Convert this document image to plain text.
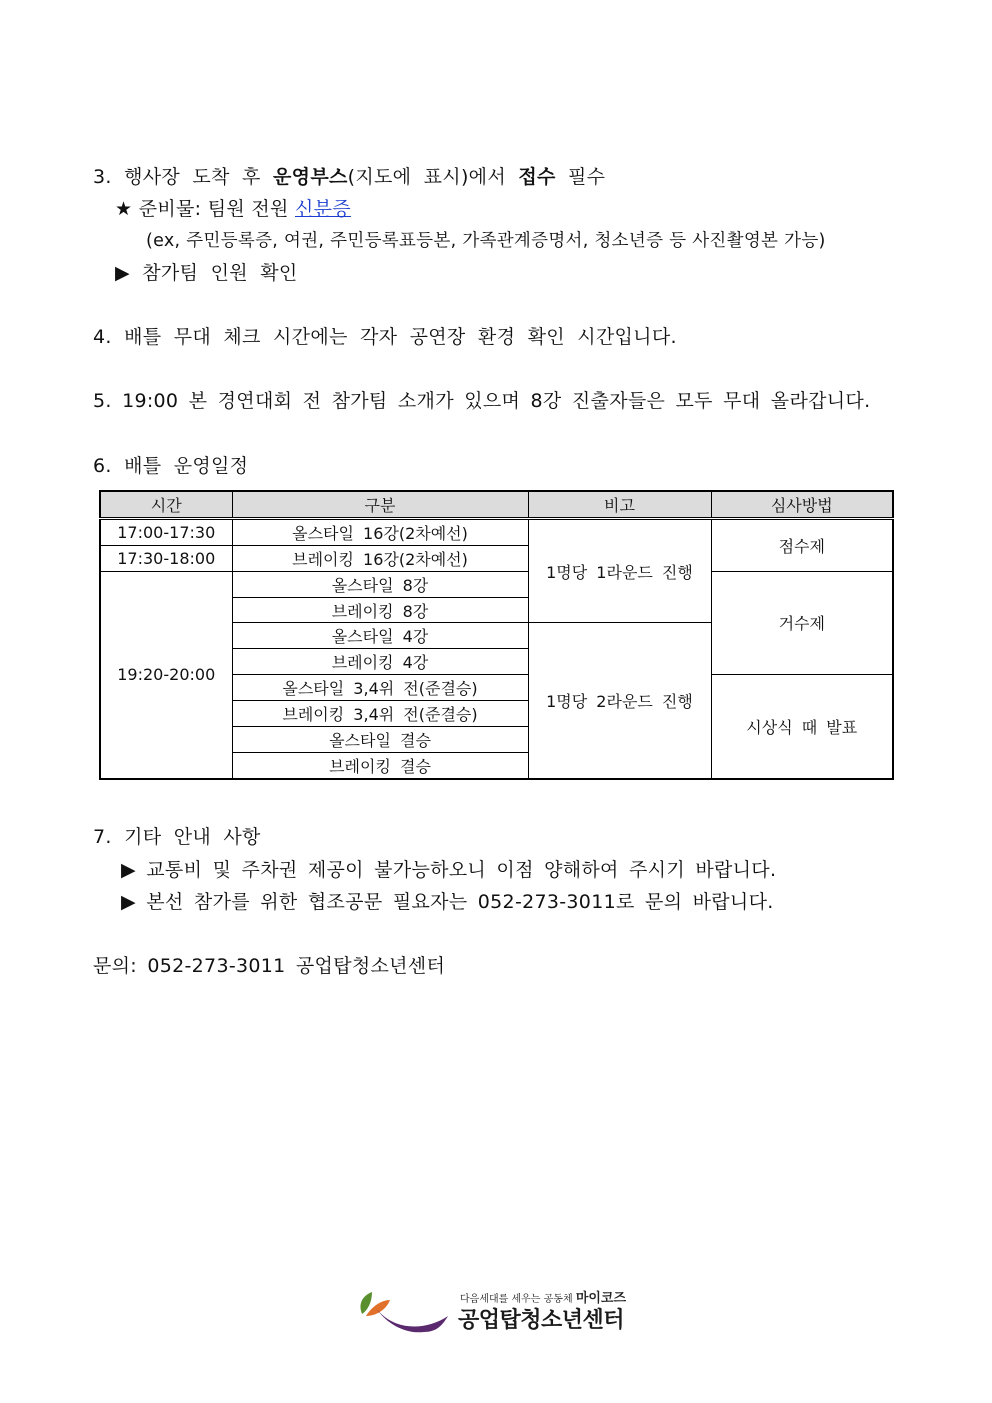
3. 행사장 도착 후 운영부스(지도에 표시)에서 접수 필수
★ 준비물: 팀원 전원 신분증
(ex, 주민등록증, 여권, 주민등록표등본, 가족관계증명서, 청소년증 등 사진촬영본 가능)
▶ 참가팀 인원 확인
4. 배틀 무대 체크 시간에는 각자 공연장 환경 확인 시간입니다.
5. 19:00 본 경연대회 전 참가팀 소개가 있으며 8강 진출자들은 모두 무대 올라갑니다.
6. 배틀 운영일정
시간	구분	비고	심사방법
17:00-17:30	올스타일 16강(2차예선)	1명당 1라운드 진행	점수제
17:30-18:00	브레이킹 16강(2차예선)		
19:20-20:00	올스타일 8강		거수제
	브레이킹 8강		
	올스타일 4강	1명당 2라운드 진행	
	브레이킹 4강		
	올스타일 3,4위 전(준결승)		시상식 때 발표
	브레이킹 3,4위 전(준결승)		
	올스타일 결승		
	브레이킹 결승		
7. 기타 안내 사항
▶ 교통비 및 주차권 제공이 불가능하오니 이점 양해하여 주시기 바랍니다.
▶ 본선 참가를 위한 협조공문 필요자는 052-273-3011로 문의 바랍니다.
문의: 052-273-3011 공업탑청소년센터
다음세대를 세우는 공동체 마이코즈
공업탑청소년센터
